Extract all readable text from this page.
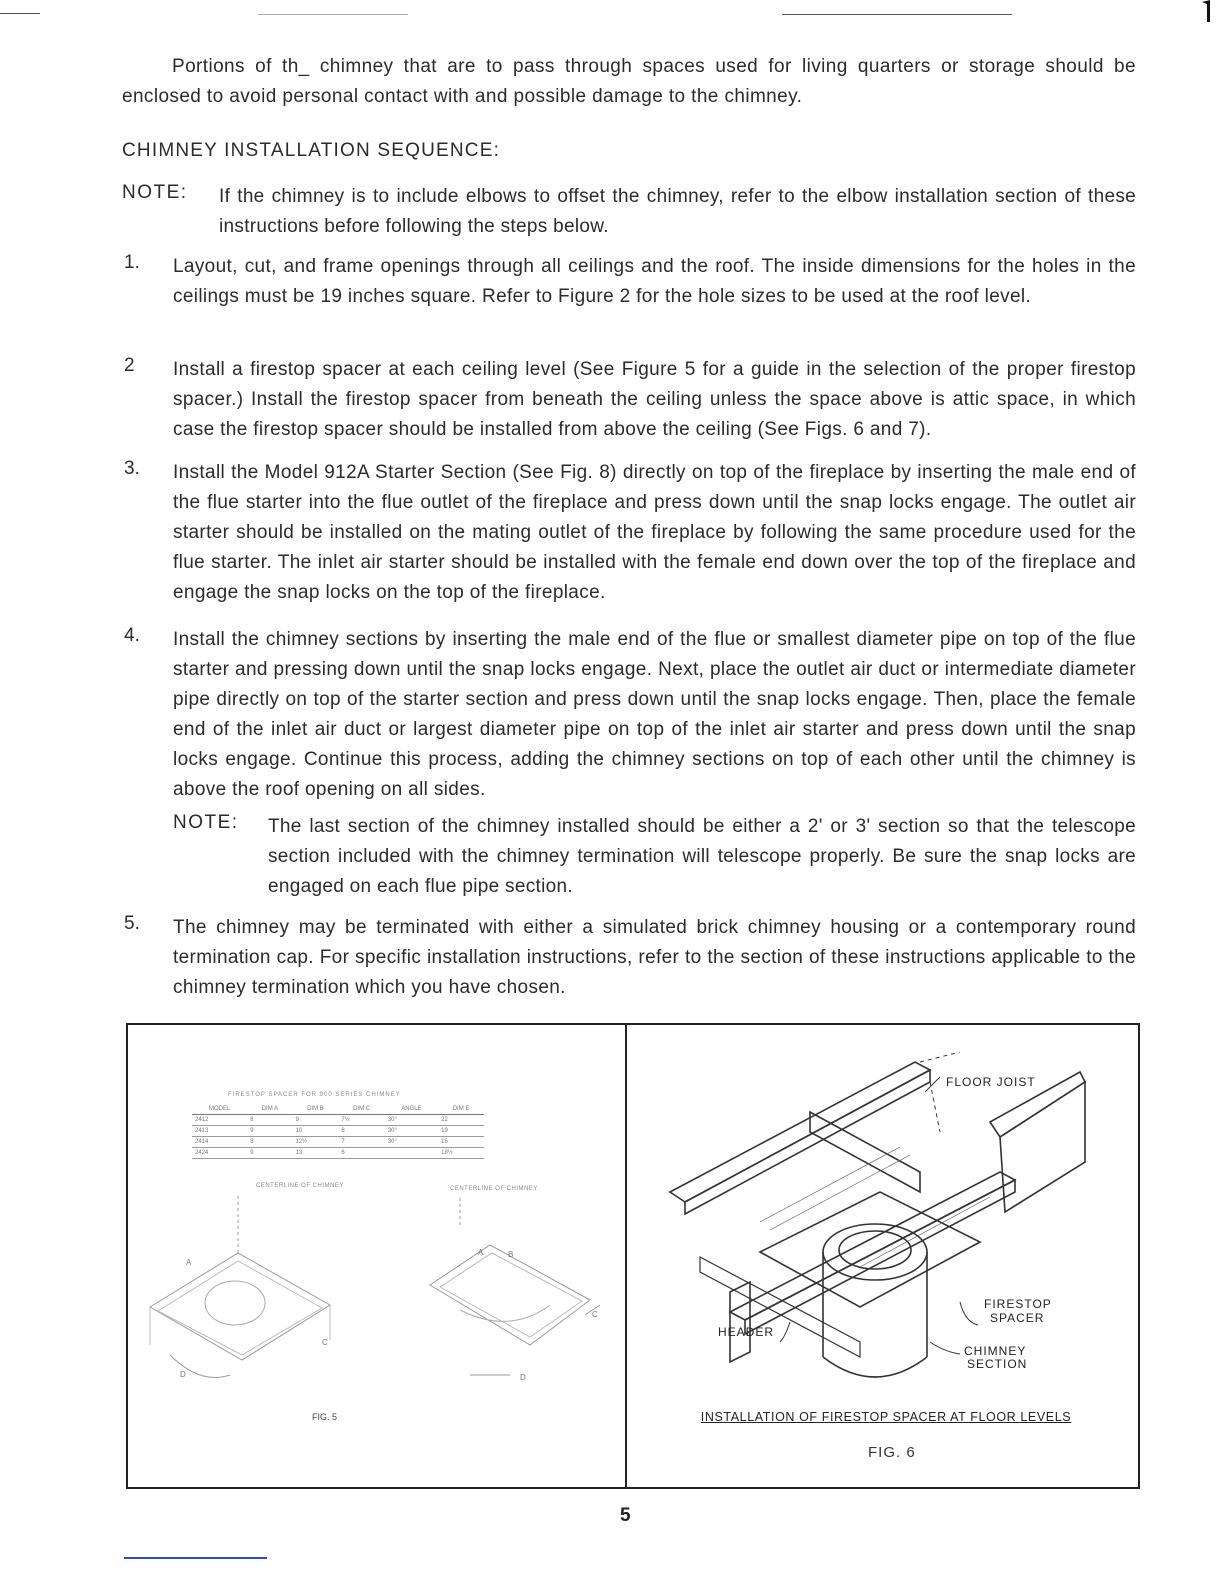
Portions of th_ chimney that are to pass through spaces used for living quarters or storage should be enclosed to avoid personal contact with and possible damage to the chimney.
CHIMNEY INSTALLATION SEQUENCE:
NOTE: If the chimney is to include elbows to offset the chimney, refer to the elbow installation section of these instructions before following the steps below.
1. Layout, cut, and frame openings through all ceilings and the roof. The inside dimensions for the holes in the ceilings must be 19 inches square. Refer to Figure 2 for the hole sizes to be used at the roof level.
2 Install a firestop spacer at each ceiling level (See Figure 5 for a guide in the selection of the proper firestop spacer.) Install the firestop spacer from beneath the ceiling unless the space above is attic space, in which case the firestop spacer should be installed from above the ceiling (See Figs. 6 and 7).
3. Install the Model 912A Starter Section (See Fig. 8) directly on top of the fireplace by inserting the male end of the flue starter into the flue outlet of the fireplace and press down until the snap locks engage. The outlet air starter should be installed on the mating outlet of the fireplace by following the same procedure used for the flue starter. The inlet air starter should be installed with the female end down over the top of the fireplace and engage the snap locks on the top of the fireplace.
4. Install the chimney sections by inserting the male end of the flue or smallest diameter pipe on top of the flue starter and pressing down until the snap locks engage. Next, place the outlet air duct or intermediate diameter pipe directly on top of the starter section and press down until the snap locks engage. Then, place the female end of the inlet air duct or largest diameter pipe on top of the inlet air starter and press down until the snap locks engage. Continue this process, adding the chimney sections on top of each other until the chimney is above the roof opening on all sides.
NOTE: The last section of the chimney installed should be either a 2' or 3' section so that the telescope section included with the chimney termination will telescope properly. Be sure the snap locks are engaged on each flue pipe section.
5. The chimney may be terminated with either a simulated brick chimney housing or a contemporary round termination cap. For specific installation instructions, refer to the section of these instructions applicable to the chimney termination which you have chosen.
FIRESTOP SPACER FOR 900 SERIES CHIMNEY
MODEL	DIM A	DIM B	DIM C	ANGLE	DIM E
2412	8	9	7½	30°	22
2413	9	10	8	30°	19
2414	8	12½	7	30°	16
2424	9	13	6		18½
CENTERLINE OF CHIMNEY	CENTERLINE OF CHIMNEY
A
C
D
A	B
C
D
FIG. 5
FLOOR JOIST
FIRESTOP
SPACER
HEADER
CHIMNEY
SECTION
INSTALLATION OF FIRESTOP SPACER AT FLOOR LEVELS
FIG. 6
5
